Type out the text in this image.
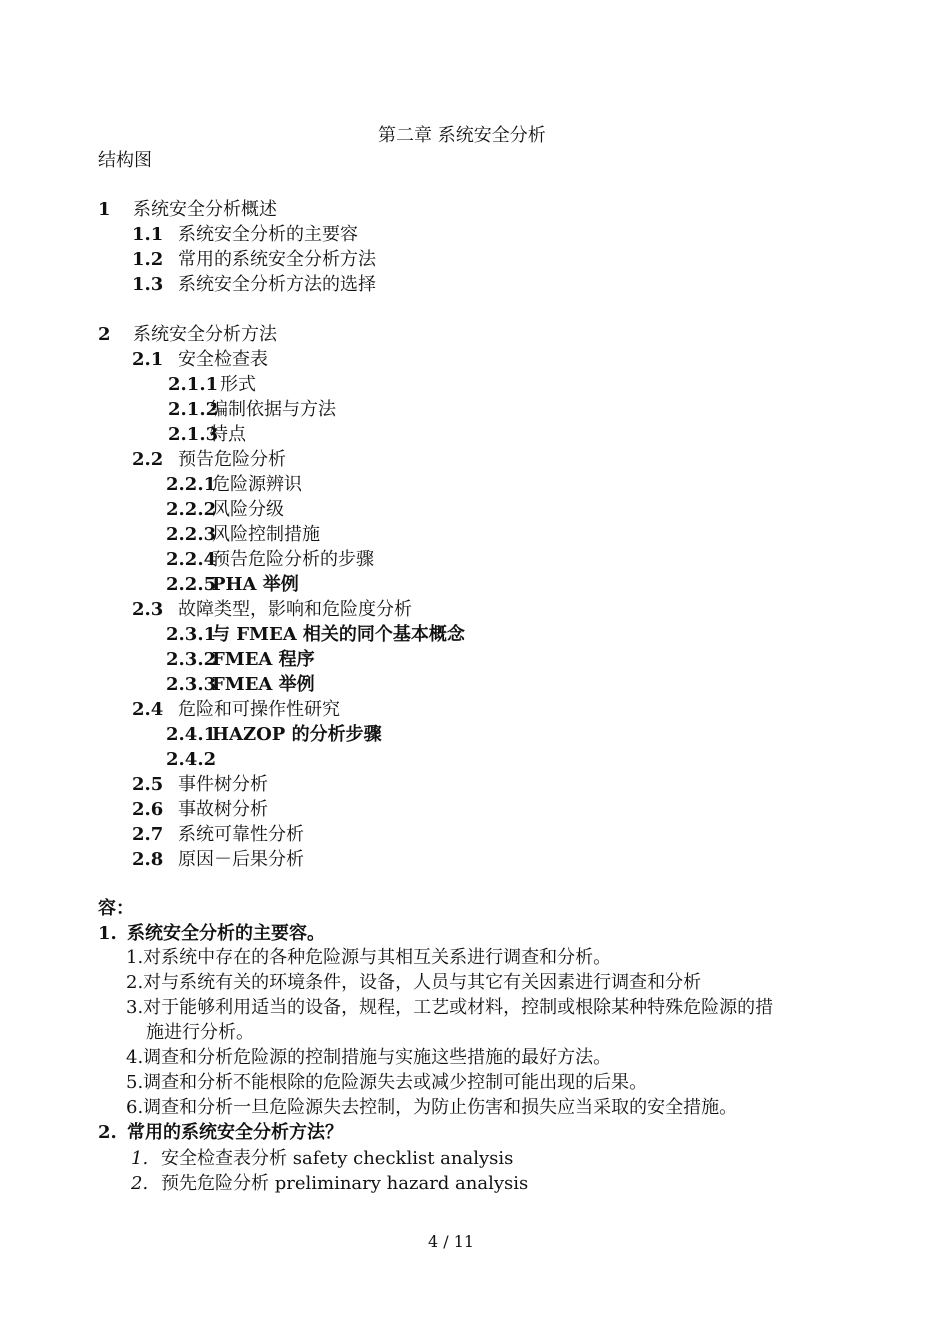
第二章 系统安全分析
结构图
1 系统安全分析概述
1.1 系统安全分析的主要容
1.2 常用的系统安全分析方法
1.3 系统安全分析方法的选择
2 系统安全分析方法
2.1 安全检查表
2.1.1 形式
2.1.2编制依据与方法
2.1.3特点
2.2 预告危险分析
2.2.1危险源辨识
2.2.2风险分级
2.2.3风险控制措施
2.2.4预告危险分析的步骤
2.2.5PHA 举例
2.3 故障类型，影响和危险度分析
2.3.1与 FMEA 相关的同个基本概念
2.3.2FMEA 程序
2.3.3FMEA 举例
2.4 危险和可操作性研究
2.4.1HAZOP 的分析步骤
2.4.2
2.5 事件树分析
2.6 事故树分析
2.7 系统可靠性分析
2.8 原因－后果分析
容：
1. 系统安全分析的主要容。
1.对系统中存在的各种危险源与其相互关系进行调查和分析。
2.对与系统有关的环境条件，设备，人员与其它有关因素进行调查和分析
3.对于能够利用适当的设备，规程，工艺或材料，控制或根除某种特殊危险源的措
施进行分析。
4.调查和分析危险源的控制措施与实施这些措施的最好方法。
5.调查和分析不能根除的危险源失去或减少控制可能出现的后果。
6.调查和分析一旦危险源失去控制，为防止伤害和损失应当采取的安全措施。
2. 常用的系统安全分析方法？
1. 安全检查表分析 safety checklist analysis
2. 预先危险分析 preliminary hazard analysis
4 / 11
